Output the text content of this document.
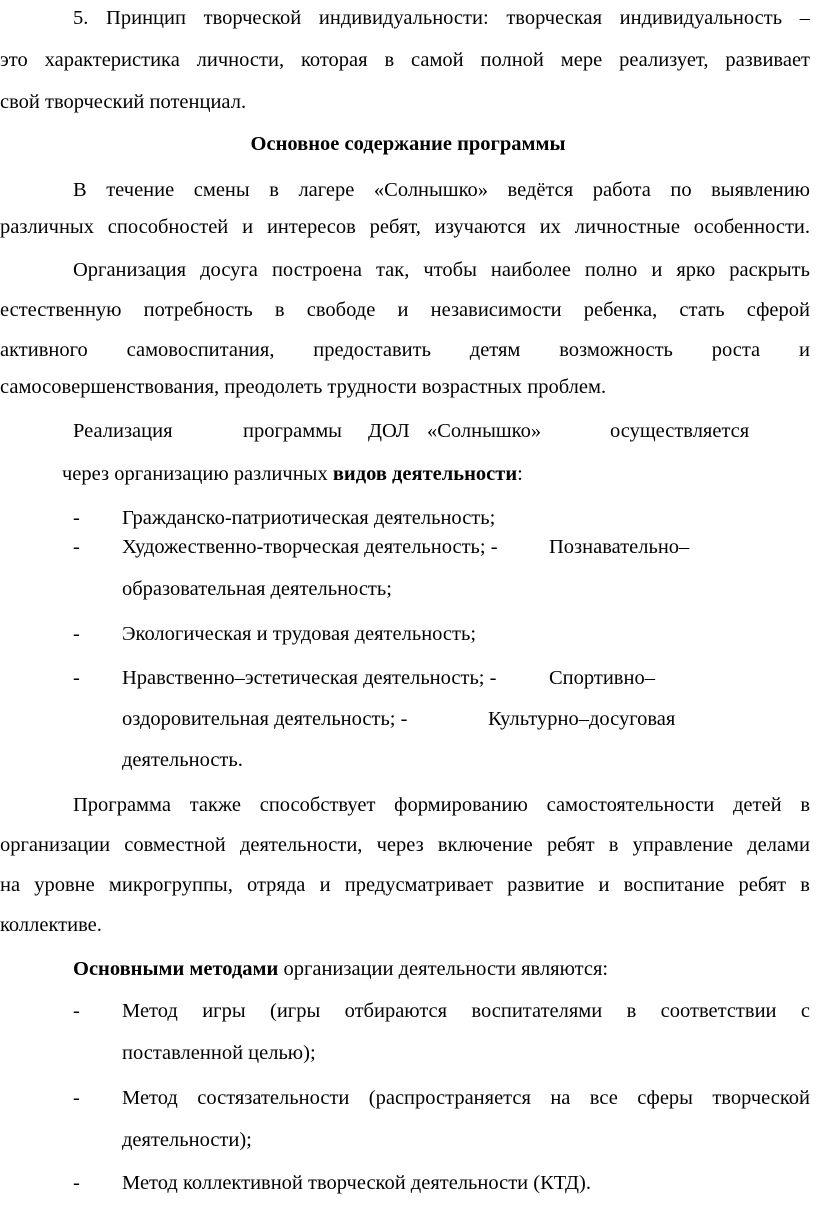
5. Принцип творческой индивидуальности: творческая индивидуальность –
это характеристика личности, которая в самой полной мере реализует, развивает
свой творческий потенциал.
Основное содержание программы
В течение смены в лагере «Солнышко» ведётся работа по выявлению
различных способностей и интересов ребят, изучаются их личностные особенности.
Организация досуга построена так, чтобы наиболее полно и ярко раскрыть
естественную потребность в свободе и независимости ребенка, стать сферой
активного самовоспитания, предоставить детям возможность роста и
самосовершенствования, преодолеть трудности возрастных проблем.
Реализация	программы ДОЛ «Солнышко»	осуществляется
через организацию различных видов деятельности:
- Гражданско-патриотическая деятельность;
- Художественно-творческая деятельность; -	Познавательно–
образовательная деятельность;
- Экологическая и трудовая деятельность;
- Нравственно–эстетическая деятельность; -	Спортивно–
оздоровительная деятельность; -	Культурно–досуговая
деятельность.
Программа также способствует формированию самостоятельности детей в
организации совместной деятельности, через включение ребят в управление делами
на уровне микрогруппы, отряда и предусматривает развитие и воспитание ребят в
коллективе.
Основными методами организации деятельности являются:
- Метод игры (игры отбираются воспитателями в соответствии с
поставленной целью);
- Метод состязательности (распространяется на все сферы творческой
деятельности);
- Метод коллективной творческой деятельности (КТД).
